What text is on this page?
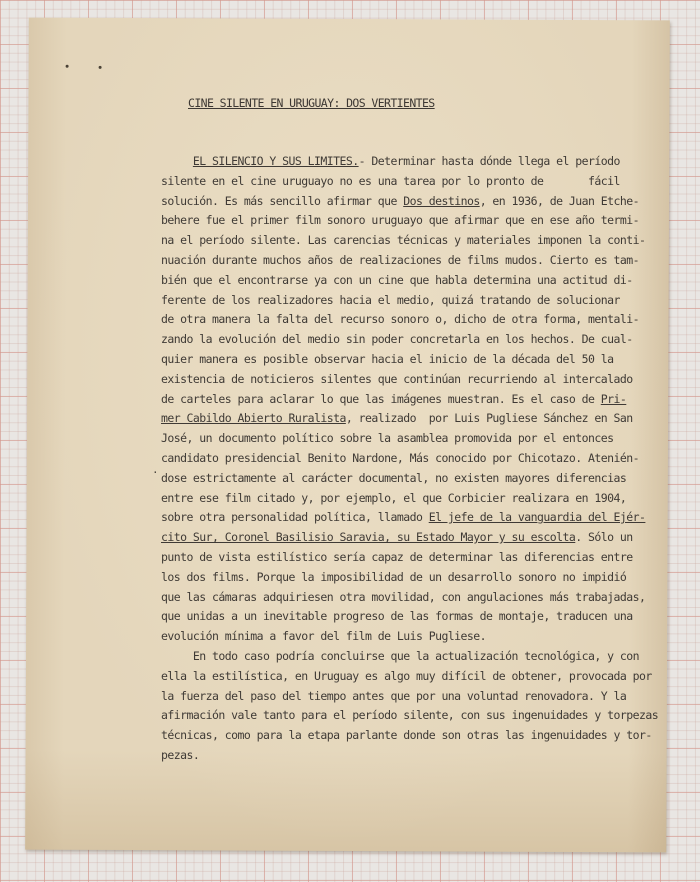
CINE SILENTE EN URUGUAY: DOS VERTIENTES
·
EL SILENCIO Y SUS LIMITES.- Determinar hasta dónde llega el período
silente en el cine uruguayo no es una tarea por lo pronto de       fácil
solución. Es más sencillo afirmar que Dos destinos, en 1936, de Juan Etche-
behere fue el primer film sonoro uruguayo que afirmar que en ese año termi-
na el período silente. Las carencias técnicas y materiales imponen la conti-
nuación durante muchos años de realizaciones de films mudos. Cierto es tam-
bién que el encontrarse ya con un cine que habla determina una actitud di-
ferente de los realizadores hacia el medio, quizá tratando de solucionar
de otra manera la falta del recurso sonoro o, dicho de otra forma, mentali-
zando la evolución del medio sin poder concretarla en los hechos. De cual-
quier manera es posible observar hacia el inicio de la década del 50 la
existencia de noticieros silentes que continúan recurriendo al intercalado
de carteles para aclarar lo que las imágenes muestran. Es el caso de Pri-
mer Cabildo Abierto Ruralista, realizado  por Luis Pugliese Sánchez en San
José, un documento político sobre la asamblea promovida por el entonces
candidato presidencial Benito Nardone, Más conocido por Chicotazo. Atenién-
dose estrictamente al carácter documental, no existen mayores diferencias
entre ese film citado y, por ejemplo, el que Corbicier realizara en 1904,
sobre otra personalidad política, llamado El jefe de la vanguardia del Ejér-
cito Sur, Coronel Basilisio Saravia, su Estado Mayor y su escolta. Sólo un
punto de vista estilístico sería capaz de determinar las diferencias entre
los dos films. Porque la imposibilidad de un desarrollo sonoro no impidió
que las cámaras adquiriesen otra movilidad, con angulaciones más trabajadas,
que unidas a un inevitable progreso de las formas de montaje, traducen una
evolución mínima a favor del film de Luis Pugliese.
En todo caso podría concluirse que la actualización tecnológica, y con
ella la estilística, en Uruguay es algo muy difícil de obtener, provocada por
la fuerza del paso del tiempo antes que por una voluntad renovadora. Y la
afirmación vale tanto para el período silente, con sus ingenuidades y torpezas
técnicas, como para la etapa parlante donde son otras las ingenuidades y tor-
pezas.
